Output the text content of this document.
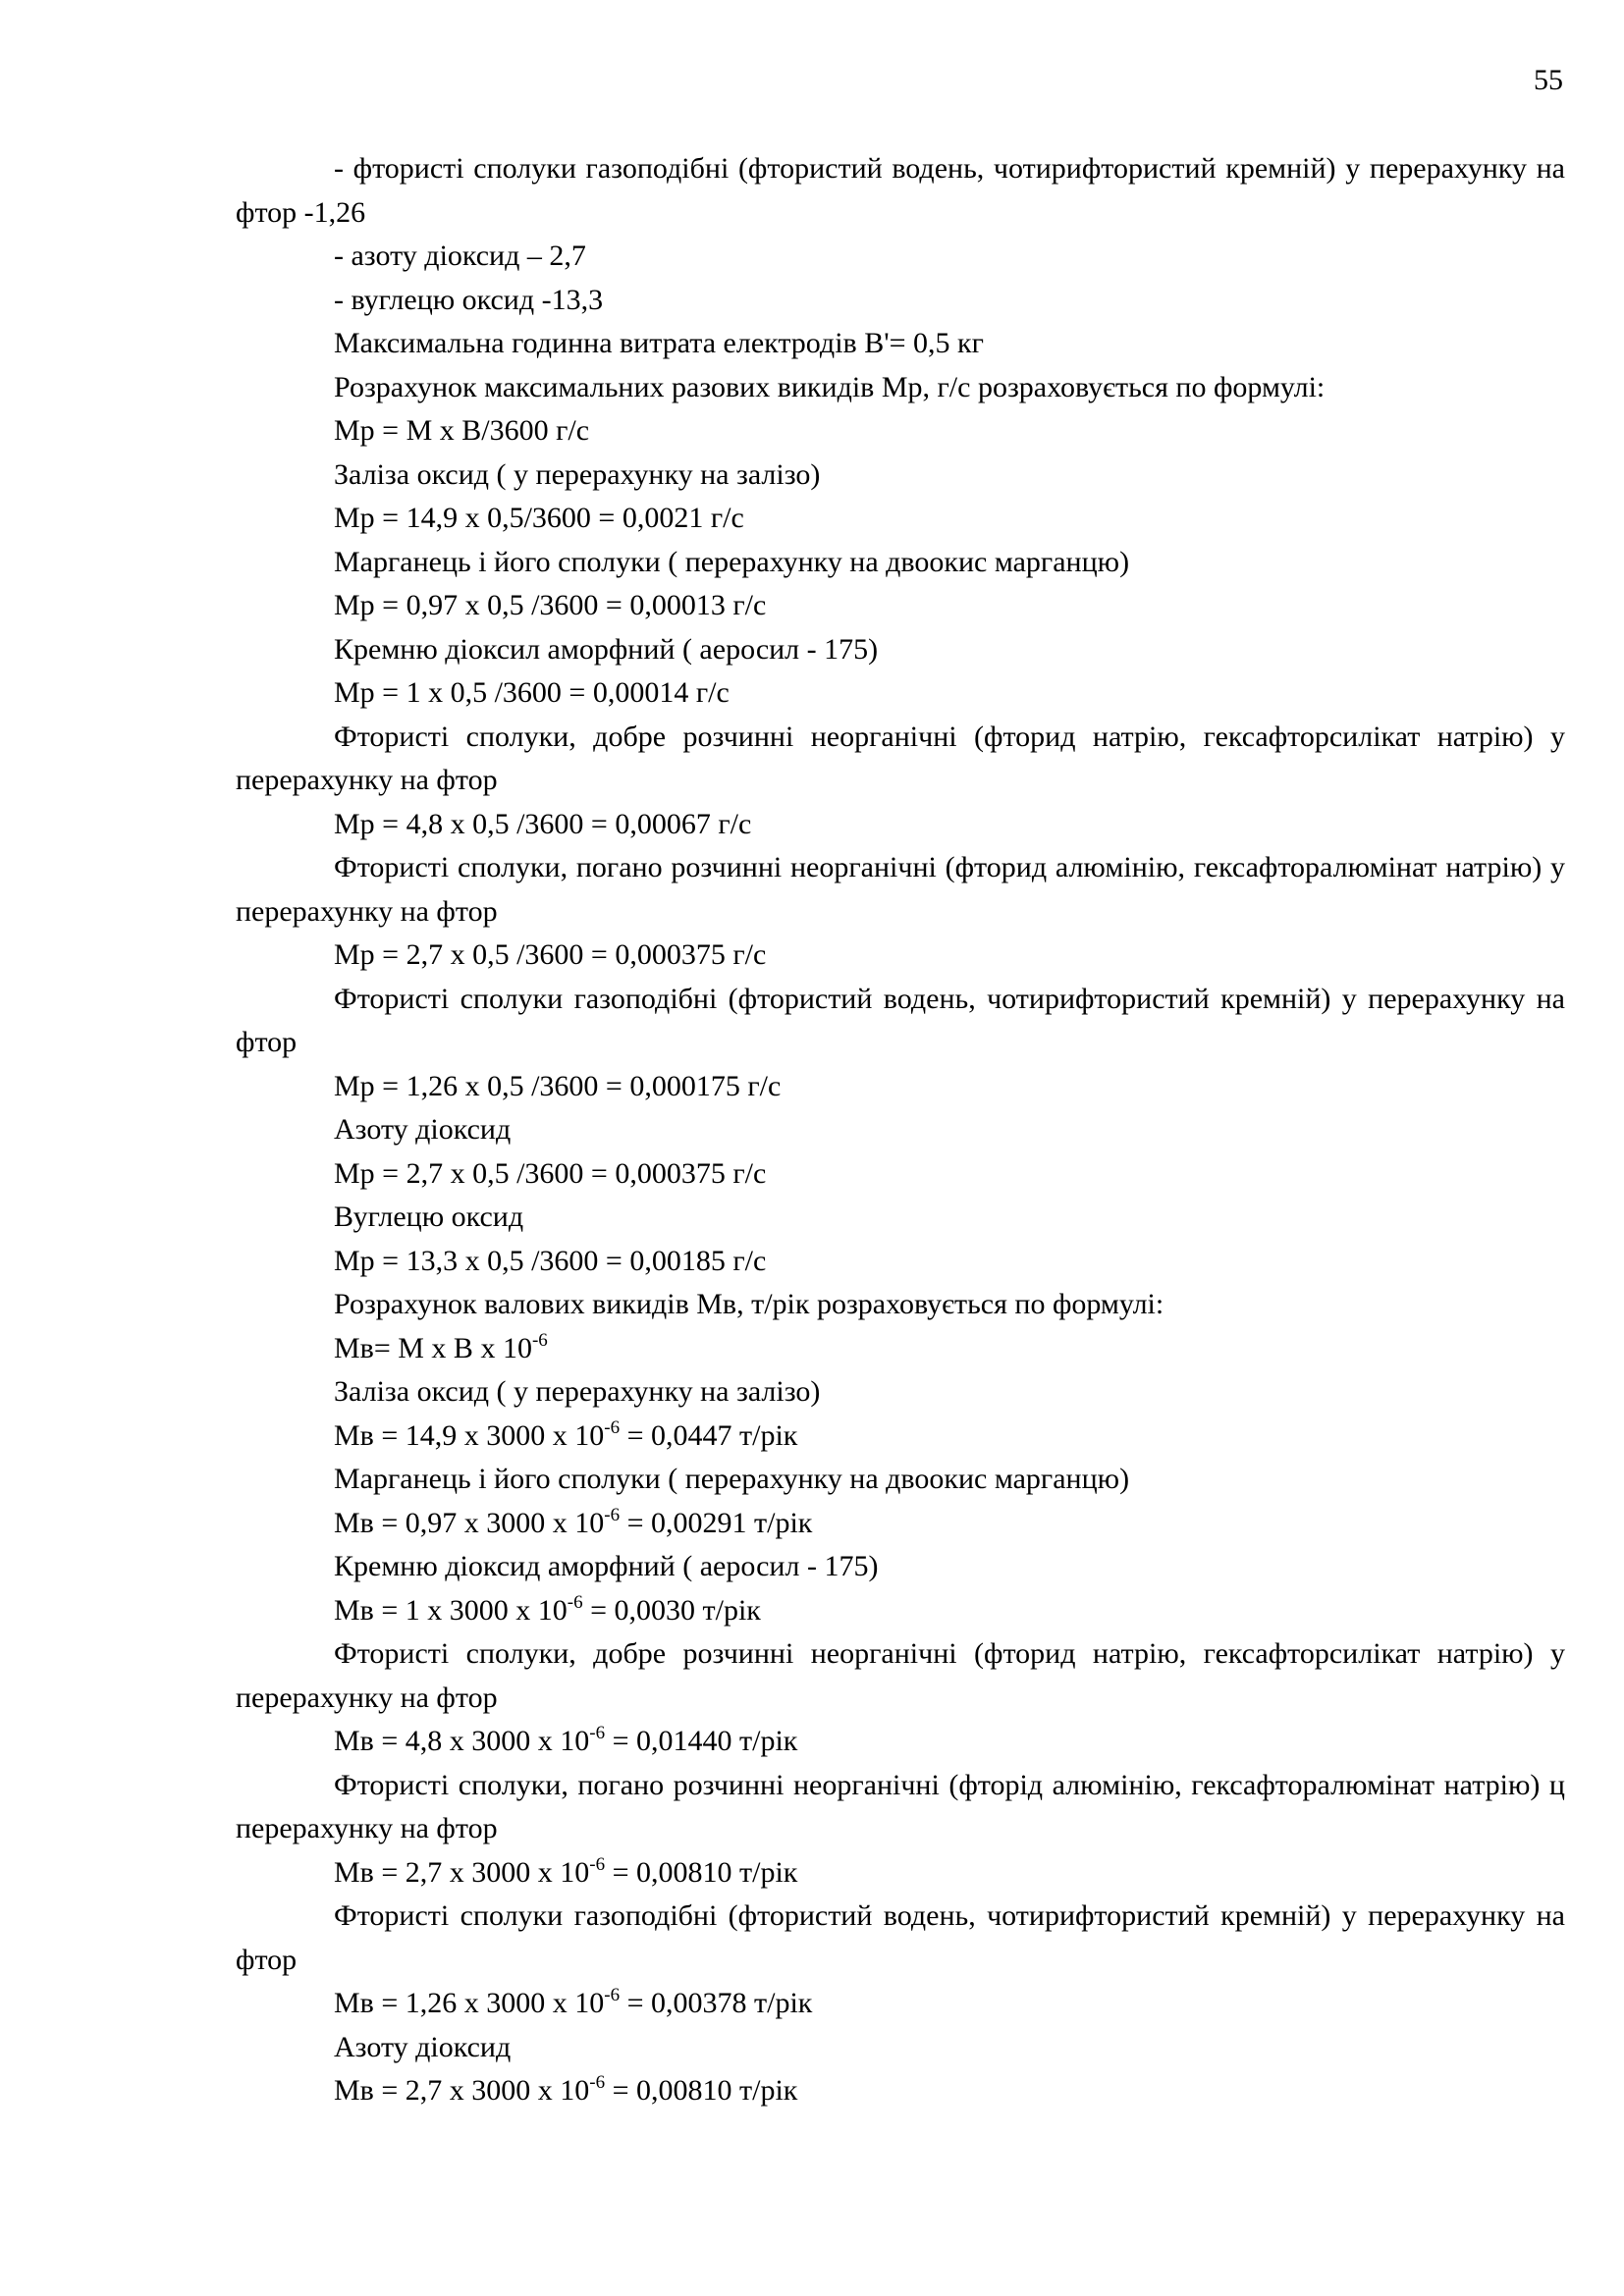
55

- фтористі сполуки газоподібні (фтористий водень, чотирифтористий кремній) у перерахунку на фтор -1,26

- азоту діоксид – 2,7

- вуглецю оксид -13,3

Максимальна годинна витрата електродів В'= 0,5 кг

Розрахунок максимальних разових викидів Мр, г/с розраховується по формулі:

Мр = М х В/3600 г/с

Заліза оксид ( у перерахунку на залізо)

Мр = 14,9 х 0,5/3600 = 0,0021 г/с

Марганець і його сполуки ( перерахунку на двоокис марганцю)

Мр = 0,97 х 0,5 /3600 = 0,00013 г/с

Кремню діоксил аморфний ( аеросил - 175)

Мр = 1 х 0,5 /3600 = 0,00014 г/с

Фтористі сполуки, добре розчинні неорганічні (фторид натрію, гексафторсилікат натрію) у перерахунку на фтор

Мр = 4,8 х 0,5 /3600 = 0,00067 г/с

Фтористі сполуки, погано розчинні неорганічні (фторид алюмінію, гексафторалюмінат натрію) у перерахунку на фтор

Мр = 2,7 х 0,5 /3600 = 0,000375 г/с

Фтористі сполуки газоподібні (фтористий водень, чотирифтористий кремній) у перерахунку на фтор

Мр = 1,26 х 0,5 /3600 = 0,000175 г/с

Азоту діоксид

Мр = 2,7 х 0,5 /3600 = 0,000375 г/с

Вуглецю оксид

Мр = 13,3 х 0,5 /3600 = 0,00185 г/с

Розрахунок валових викидів Мв, т/рік розраховується по формулі:

Мв= М х В х $10^{-6}$

Заліза оксид ( у перерахунку на залізо)

Мв = 14,9 х 3000 х $10^{-6} = 0,0447$ т/рік

Марганець і його сполуки ( перерахунку на двоокис марганцю)

Мв = 0,97 х 3000 х $10^{-6} = 0,00291$ т/рік

Кремню діоксид аморфний ( аеросил - 175)

Мв = 1 х 3000 х $10^{-6} = 0,0030$ т/рік

Фтористі сполуки, добре розчинні неорганічні (фторид натрію, гексафторсилікат натрію) у перерахунку на фтор

Мв = 4,8 х 3000 х $10^{-6} = 0,01440$ т/рік

Фтористі сполуки, погано розчинні неорганічні (фторід алюмінію, гексафторалюмінат натрію) ц перерахунку на фтор

Мв = 2,7 х 3000 х $10^{-6} = 0,00810$ т/рік

Фтористі сполуки газоподібні (фтористий водень, чотирифтористий кремній) у перерахунку на фтор

Мв = 1,26 х 3000 х $10^{-6} = 0,00378$ т/рік

Азоту діоксид

Мв = 2,7 х 3000 х $10^{-6} = 0,00810$ т/рік
